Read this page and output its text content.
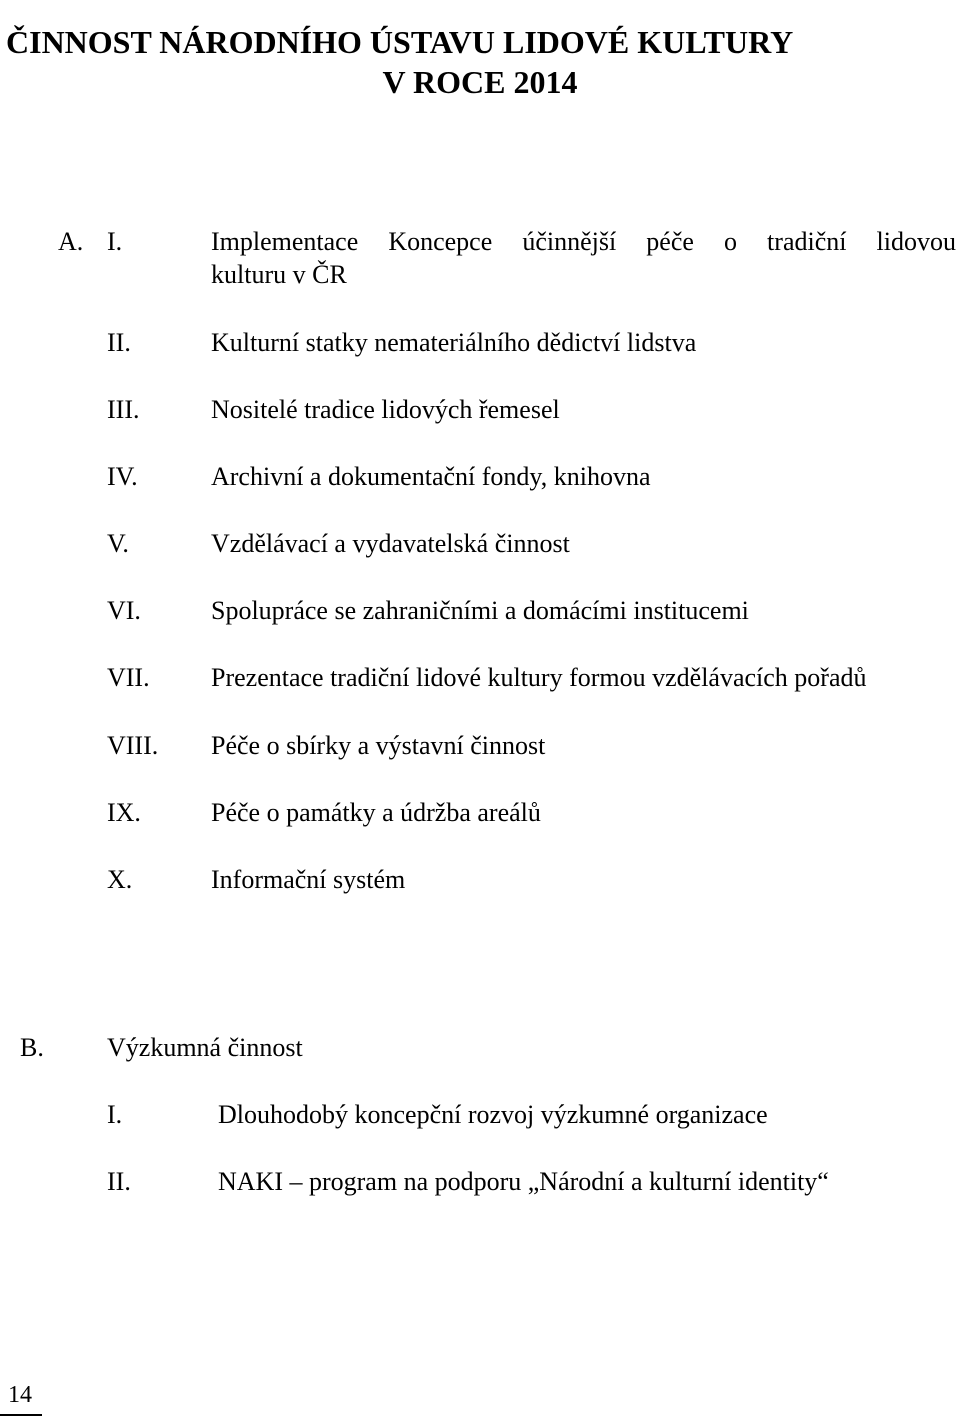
ČINNOST NÁRODNÍHO ÚSTAVU LIDOVÉ KULTURY
V ROCE 2014
A. I.	Implementace Koncepce účinnější péče o tradiční lidovou
kulturu v ČR
II.	Kulturní statky nemateriálního dědictví lidstva
III.	Nositelé tradice lidových řemesel
IV.	Archivní a dokumentační fondy, knihovna
V.	Vzdělávací a vydavatelská činnost
VI.	Spolupráce se zahraničními a domácími institucemi
VII. Prezentace tradiční lidové kultury formou vzdělávacích pořadů
VIII. Péče o sbírky a výstavní činnost
IX.	Péče o památky a údržba areálů
X.	Informační systém
B. Výzkumná činnost
I.	Dlouhodobý koncepční rozvoj výzkumné organizace
II.	NAKI – program na podporu „Národní a kulturní identity“
14
